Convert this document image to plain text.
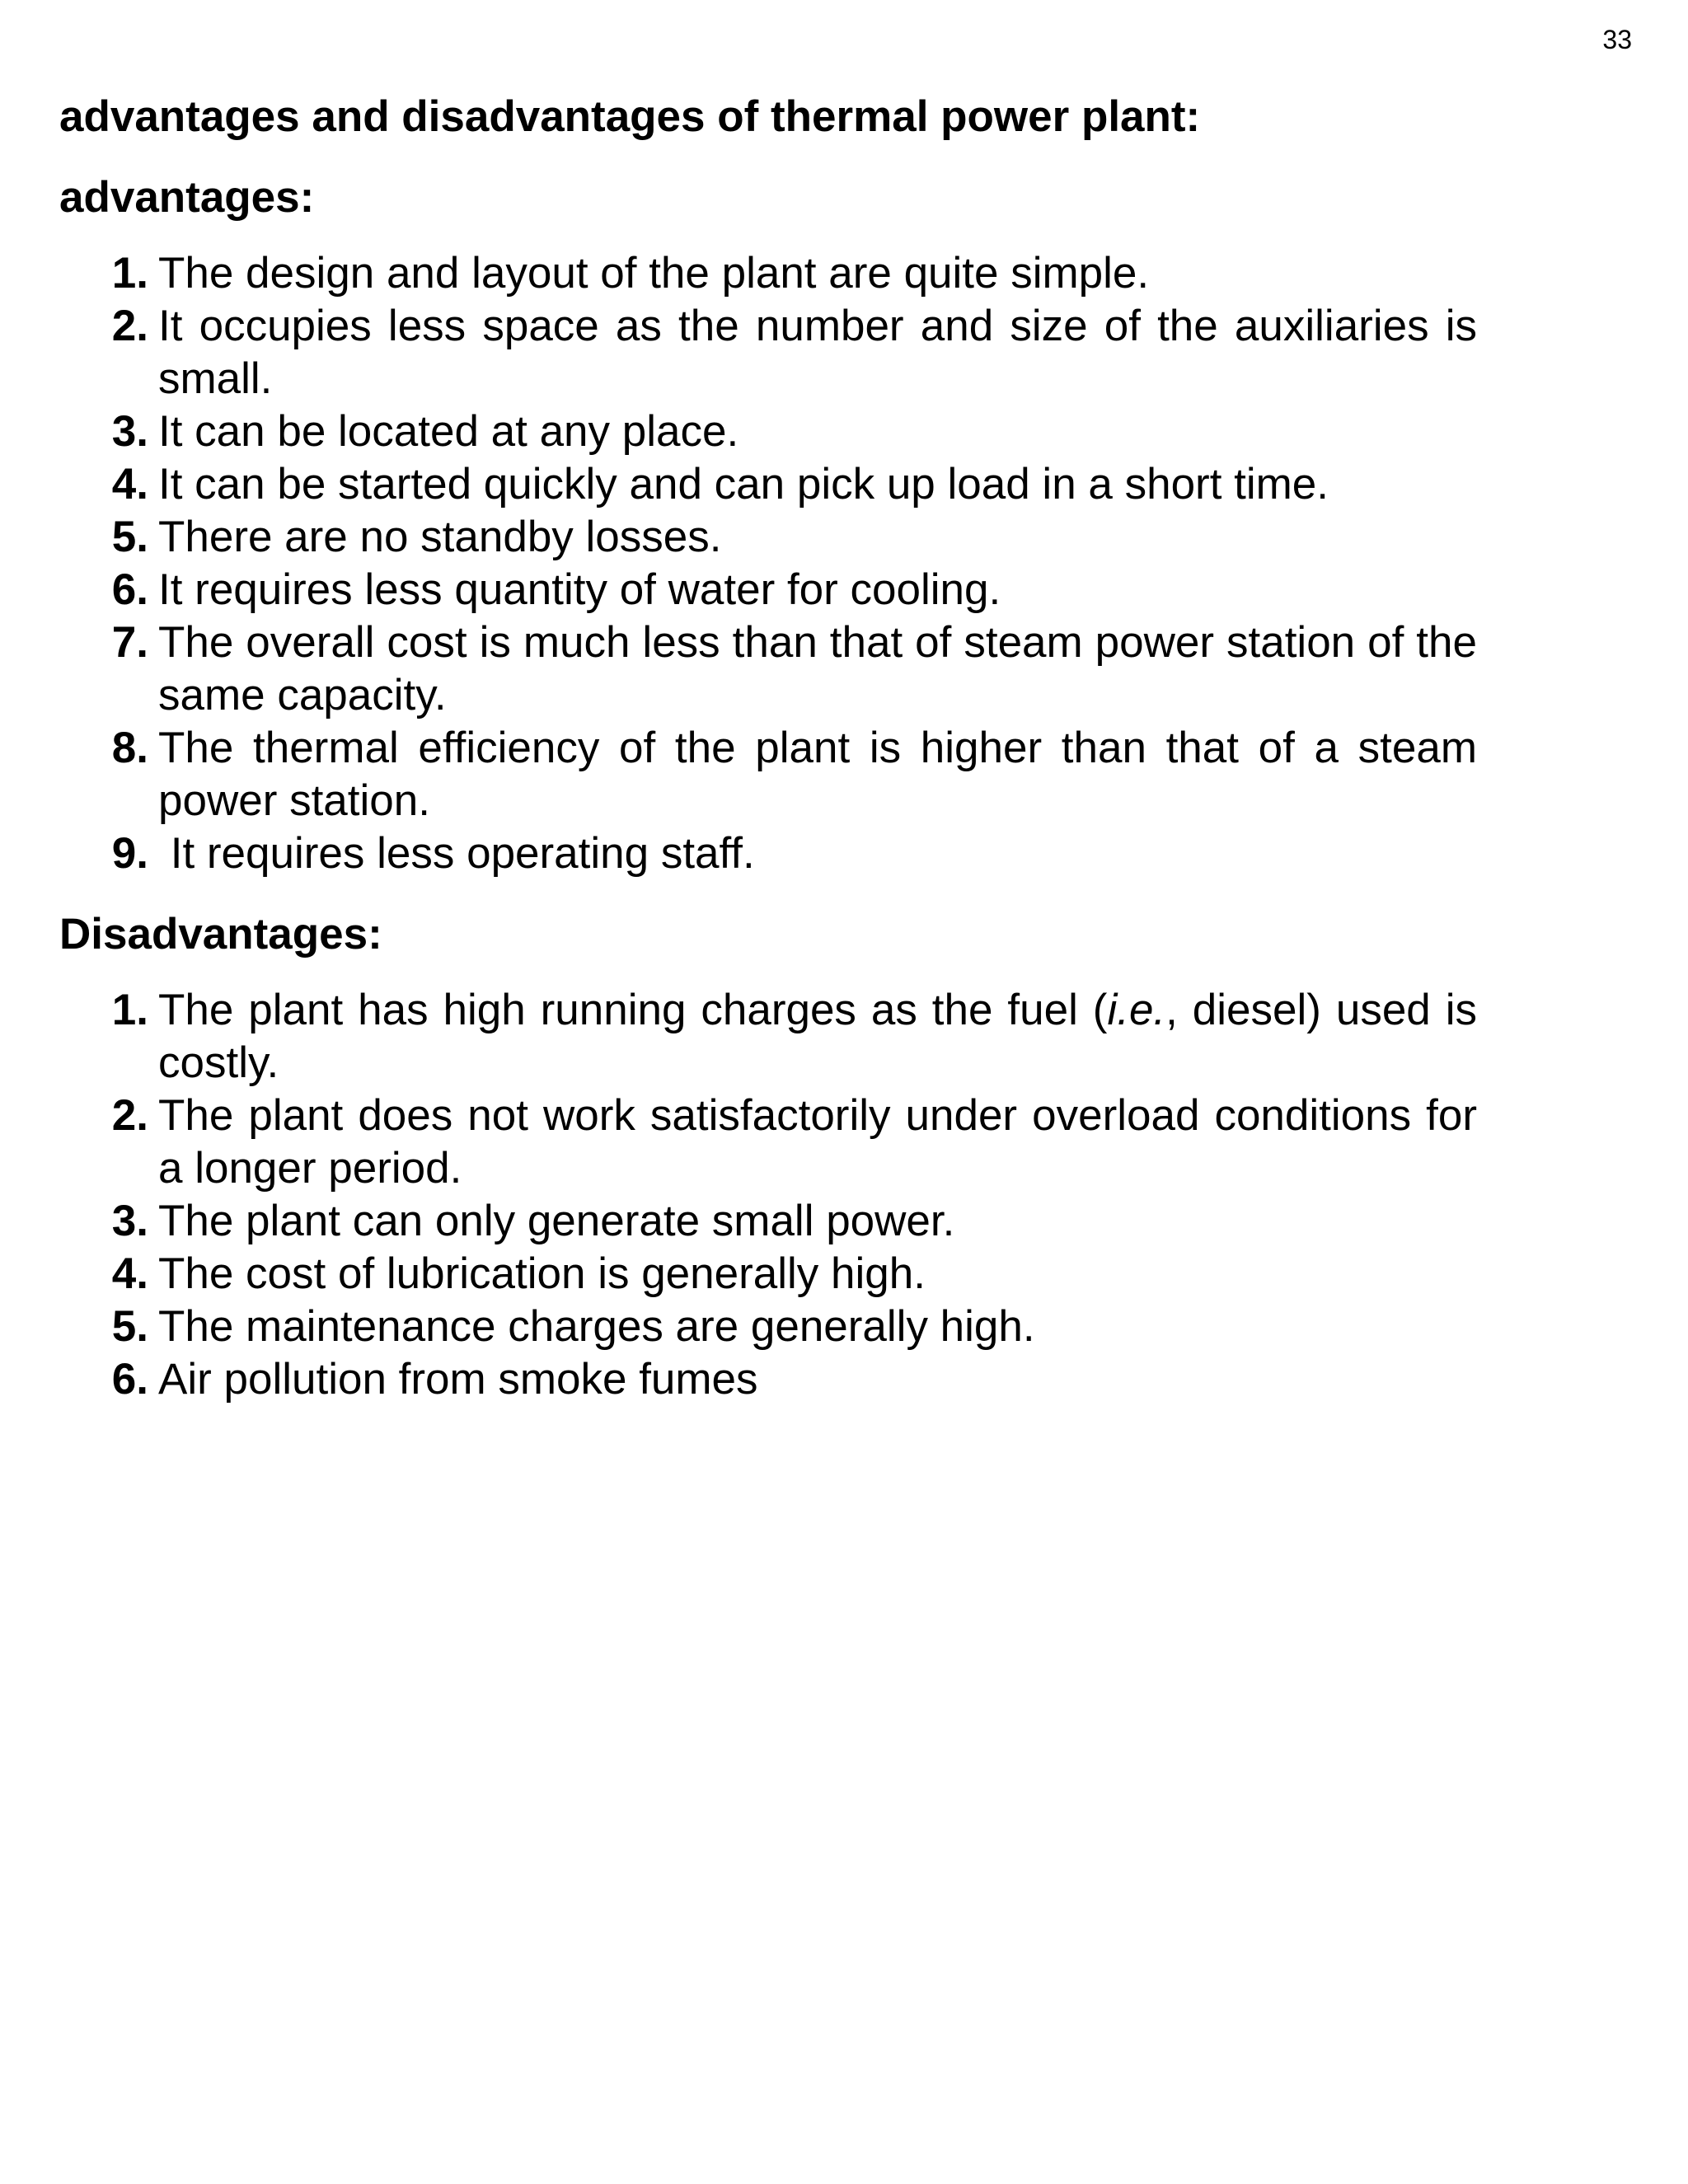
33

advantages and disadvantages of thermal power plant:

advantages:

1. The design and layout of the plant are quite simple.
2. It occupies less space as the number and size of the auxiliaries is small.
3. It can be located at any place.
4. It can be started quickly and can pick up load in a short time.
5. There are no standby losses.
6. It requires less quantity of water for cooling.
7. The overall cost is much less than that of steam power station of the same capacity.
8. The thermal efficiency of the plant is higher than that of a steam power station.
9. It requires less operating staff.

Disadvantages:

1. The plant has high running charges as the fuel (i.e., diesel) used is costly.
2. The plant does not work satisfactorily under overload conditions for a longer period.
3. The plant can only generate small power.
4. The cost of lubrication is generally high.
5. The maintenance charges are generally high.
6. Air pollution from smoke fumes
